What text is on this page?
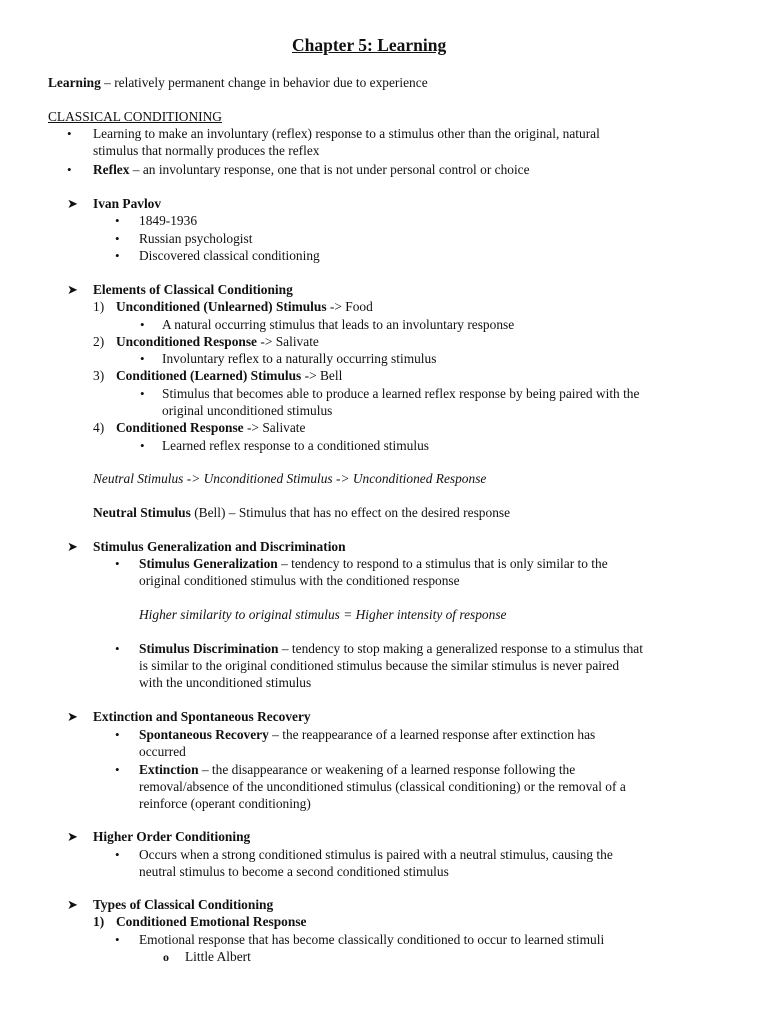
Chapter 5: Learning
Learning – relatively permanent change in behavior due to experience
CLASSICAL CONDITIONING
• Learning to make an involuntary (reflex) response to a stimulus other than the original, natural
stimulus that normally produces the reflex
• Reflex – an involuntary response, one that is not under personal control or choice
➤ Ivan Pavlov
• 1849-1936
• Russian psychologist
• Discovered classical conditioning
➤ Elements of Classical Conditioning
1) Unconditioned (Unlearned) Stimulus -> Food
• A natural occurring stimulus that leads to an involuntary response
2) Unconditioned Response -> Salivate
• Involuntary reflex to a naturally occurring stimulus
3) Conditioned (Learned) Stimulus -> Bell
• Stimulus that becomes able to produce a learned reflex response by being paired with the
original unconditioned stimulus
4) Conditioned Response -> Salivate
• Learned reflex response to a conditioned stimulus
Neutral Stimulus -> Unconditioned Stimulus -> Unconditioned Response
Neutral Stimulus (Bell) – Stimulus that has no effect on the desired response
➤ Stimulus Generalization and Discrimination
• Stimulus Generalization – tendency to respond to a stimulus that is only similar to the
original conditioned stimulus with the conditioned response
Higher similarity to original stimulus = Higher intensity of response
• Stimulus Discrimination – tendency to stop making a generalized response to a stimulus that
is similar to the original conditioned stimulus because the similar stimulus is never paired
with the unconditioned stimulus
➤ Extinction and Spontaneous Recovery
• Spontaneous Recovery – the reappearance of a learned response after extinction has
occurred
• Extinction – the disappearance or weakening of a learned response following the
removal/absence of the unconditioned stimulus (classical conditioning) or the removal of a
reinforce (operant conditioning)
➤ Higher Order Conditioning
• Occurs when a strong conditioned stimulus is paired with a neutral stimulus, causing the
neutral stimulus to become a second conditioned stimulus
➤ Types of Classical Conditioning
1) Conditioned Emotional Response
• Emotional response that has become classically conditioned to occur to learned stimuli
o Little Albert
